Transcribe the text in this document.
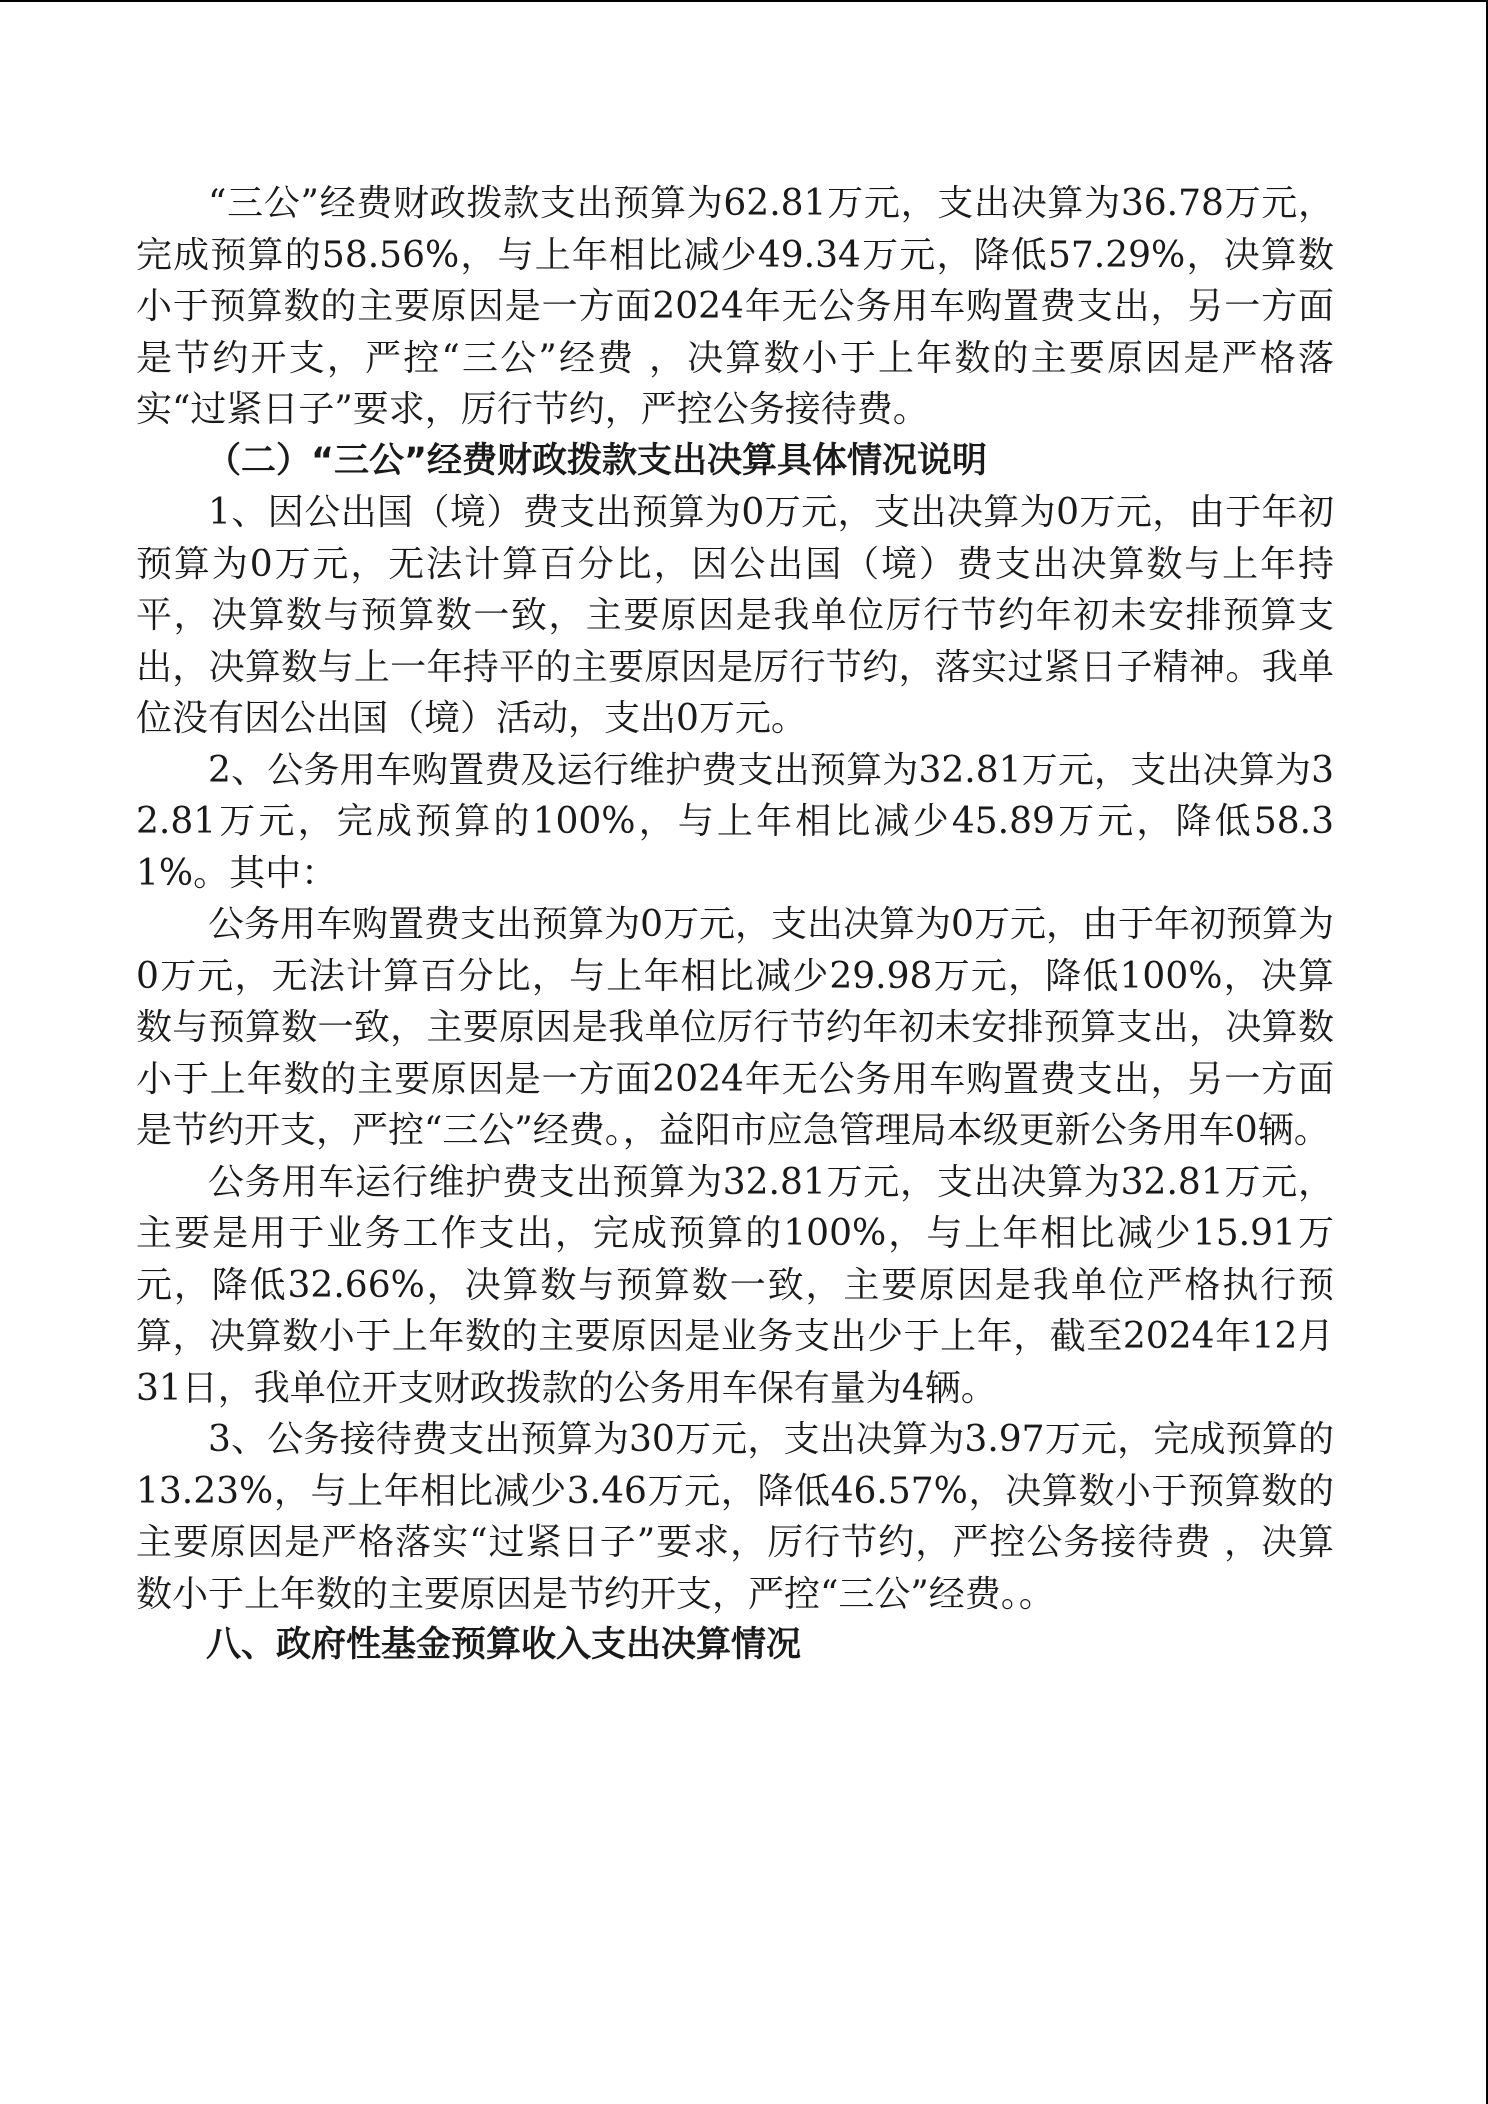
“三公”经费财政拨款支出预算为62.81万元，支出决算为36.78万元，完成预算的58.56%，与上年相比减少49.34万元，降低57.29%，决算数小于预算数的主要原因是一方面2024年无公务用车购置费支出，另一方面是节约开支，严控“三公”经费 ，决算数小于上年数的主要原因是严格落实“过紧日子”要求，厉行节约，严控公务接待费。

（二）“三公”经费财政拨款支出决算具体情况说明

1、因公出国（境）费支出预算为0万元，支出决算为0万元，由于年初预算为0万元，无法计算百分比，因公出国（境）费支出决算数与上年持平，决算数与预算数一致，主要原因是我单位厉行节约年初未安排预算支出，决算数与上一年持平的主要原因是厉行节约，落实过紧日子精神。我单位没有因公出国（境）活动，支出0万元。

2、公务用车购置费及运行维护费支出预算为32.81万元，支出决算为32.81万元，完成预算的100%，与上年相比减少45.89万元，降低58.31%。其中：

公务用车购置费支出预算为0万元，支出决算为0万元，由于年初预算为0万元，无法计算百分比，与上年相比减少29.98万元，降低100%，决算数与预算数一致，主要原因是我单位厉行节约年初未安排预算支出，决算数小于上年数的主要原因是一方面2024年无公务用车购置费支出，另一方面是节约开支，严控“三公”经费。，益阳市应急管理局本级更新公务用车0辆。

公务用车运行维护费支出预算为32.81万元，支出决算为32.81万元，主要是用于业务工作支出，完成预算的100%，与上年相比减少15.91万元，降低32.66%，决算数与预算数一致，主要原因是我单位严格执行预算，决算数小于上年数的主要原因是业务支出少于上年，截至2024年12月31日，我单位开支财政拨款的公务用车保有量为4辆。

3、公务接待费支出预算为30万元，支出决算为3.97万元，完成预算的13.23%，与上年相比减少3.46万元，降低46.57%，决算数小于预算数的主要原因是严格落实“过紧日子”要求，厉行节约，严控公务接待费 ，决算数小于上年数的主要原因是节约开支，严控“三公”经费。。

八、政府性基金预算收入支出决算情况
